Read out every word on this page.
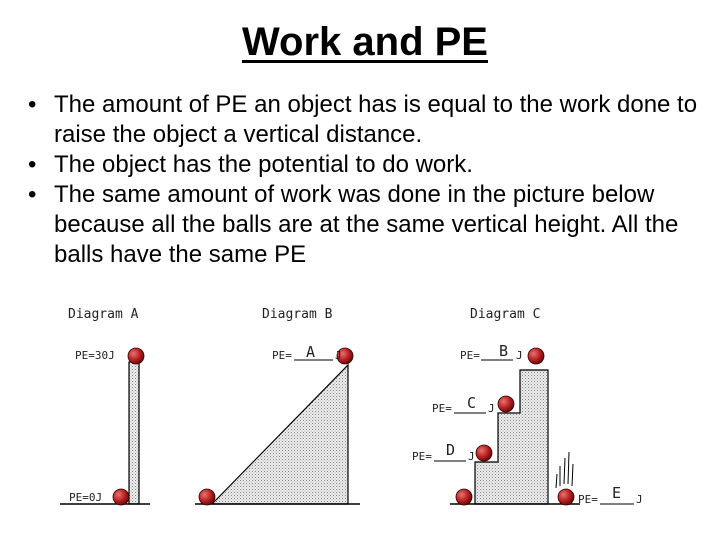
Work and PE
• The amount of PE an object has is equal to the work done to raise the object a vertical distance.
• The object has the potential to do work.
• The same amount of work was done in the picture below because all the balls are at the same vertical height. All the balls have the same PE
Diagram A	Diagram B	Diagram C
PE=30J
PE=0J
PE= A J	PE= B J
PE= C J
PE= D J
PE= E J
